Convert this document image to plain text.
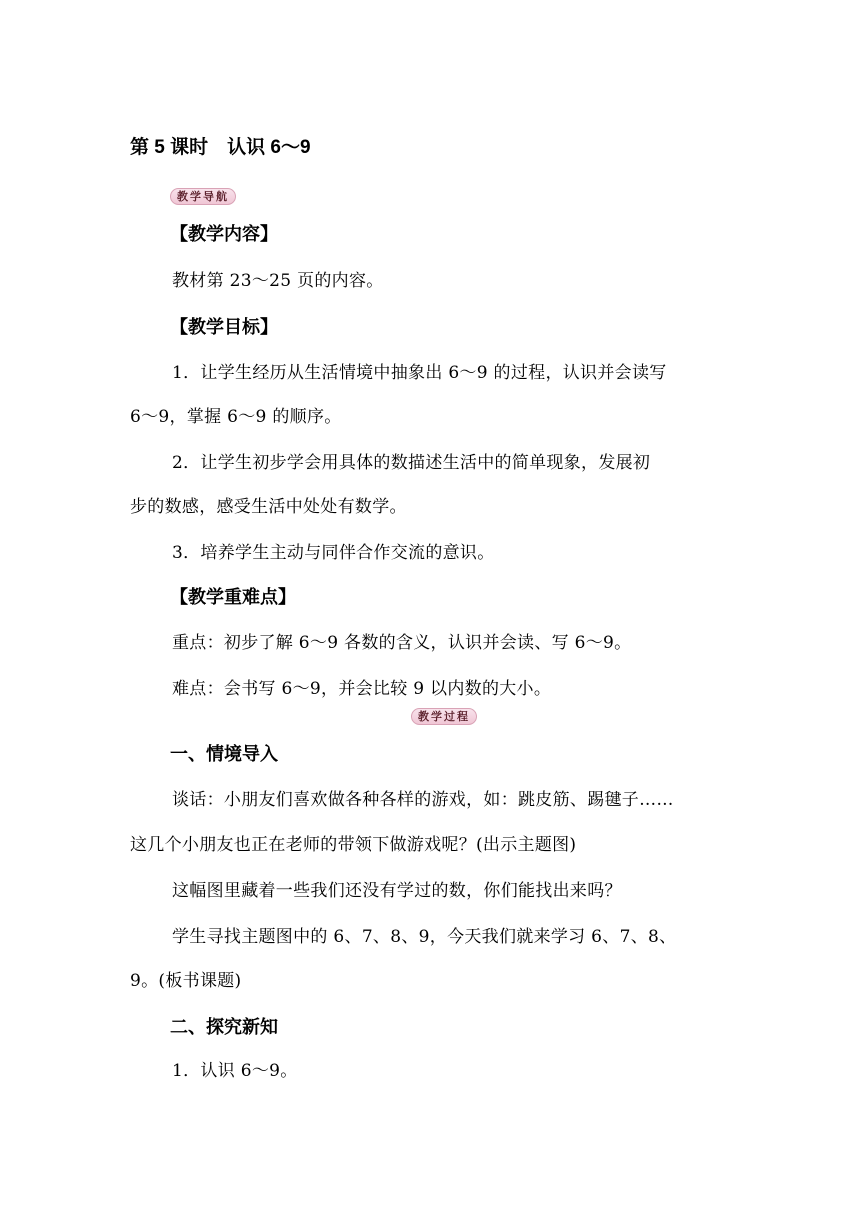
第 5 课时　认识 6～9
教学导航
【教学内容】
教材第 23～25 页的内容。
【教学目标】
1．让学生经历从生活情境中抽象出 6～9 的过程，认识并会读写
6～9，掌握 6～9 的顺序。
2．让学生初步学会用具体的数描述生活中的简单现象，发展初
步的数感，感受生活中处处有数学。
3．培养学生主动与同伴合作交流的意识。
【教学重难点】
重点：初步了解 6～9 各数的含义，认识并会读、写 6～9。
难点：会书写 6～9，并会比较 9 以内数的大小。
教学过程
一、情境导入
谈话：小朋友们喜欢做各种各样的游戏，如：跳皮筋、踢毽子……
这几个小朋友也正在老师的带领下做游戏呢？(出示主题图)
这幅图里藏着一些我们还没有学过的数，你们能找出来吗？
学生寻找主题图中的 6、7、8、9，今天我们就来学习 6、7、8、
9。(板书课题)
二、探究新知
1．认识 6～9。
